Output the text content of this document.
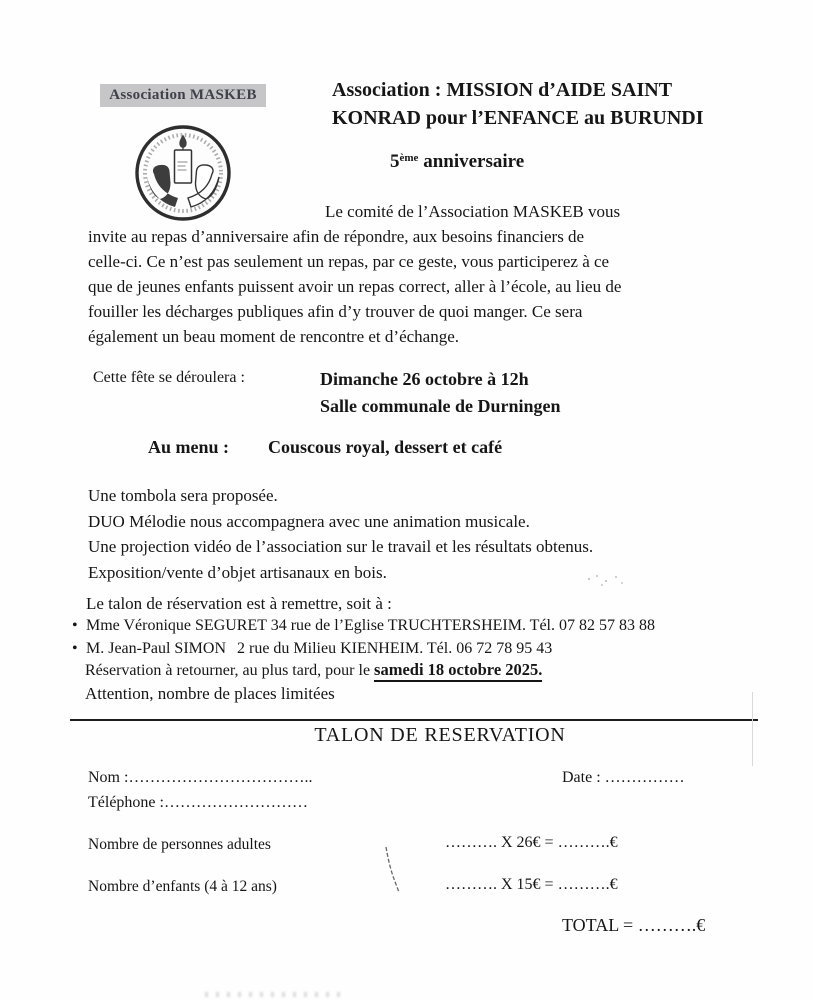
Association MASKEB	Association : MISSION d’AIDE SAINT
KONRAD pour l’ENFANCE au BURUNDI
5ème anniversaire
Le comité de l’Association MASKEB vous
invite au repas d’anniversaire afin de répondre, aux besoins financiers de
celle-ci. Ce n’est pas seulement un repas, par ce geste, vous participerez à ce
que de jeunes enfants puissent avoir un repas correct, aller à l’école, au lieu de
fouiller les décharges publiques afin d’y trouver de quoi manger. Ce sera
également un beau moment de rencontre et d’échange.
Cette fête se déroulera :	Dimanche 26 octobre à 12h
Salle communale de Durningen
Au menu : Couscous royal, dessert et café
Une tombola sera proposée.
DUO Mélodie nous accompagnera avec une animation musicale.
Une projection vidéo de l’association sur le travail et les résultats obtenus.
Exposition/vente d’objet artisanaux en bois.
Le talon de réservation est à remettre, soit à :
• Mme Véronique SEGURET 34 rue de l’Eglise TRUCHTERSHEIM. Tél. 07 82 57 83 88
• M. Jean-Paul SIMON 2 rue du Milieu KIENHEIM. Tél. 06 72 78 95 43
Réservation à retourner, au plus tard, pour le samedi 18 octobre 2025.
Attention, nombre de places limitées
TALON DE RESERVATION
Nom :……………………………..	Date : ……………
Téléphone :………………………
Nombre de personnes adultes	………. X 26€ = ……….€
Nombre d’enfants (4 à 12 ans)	………. X 15€ = ……….€
TOTAL = ……….€
